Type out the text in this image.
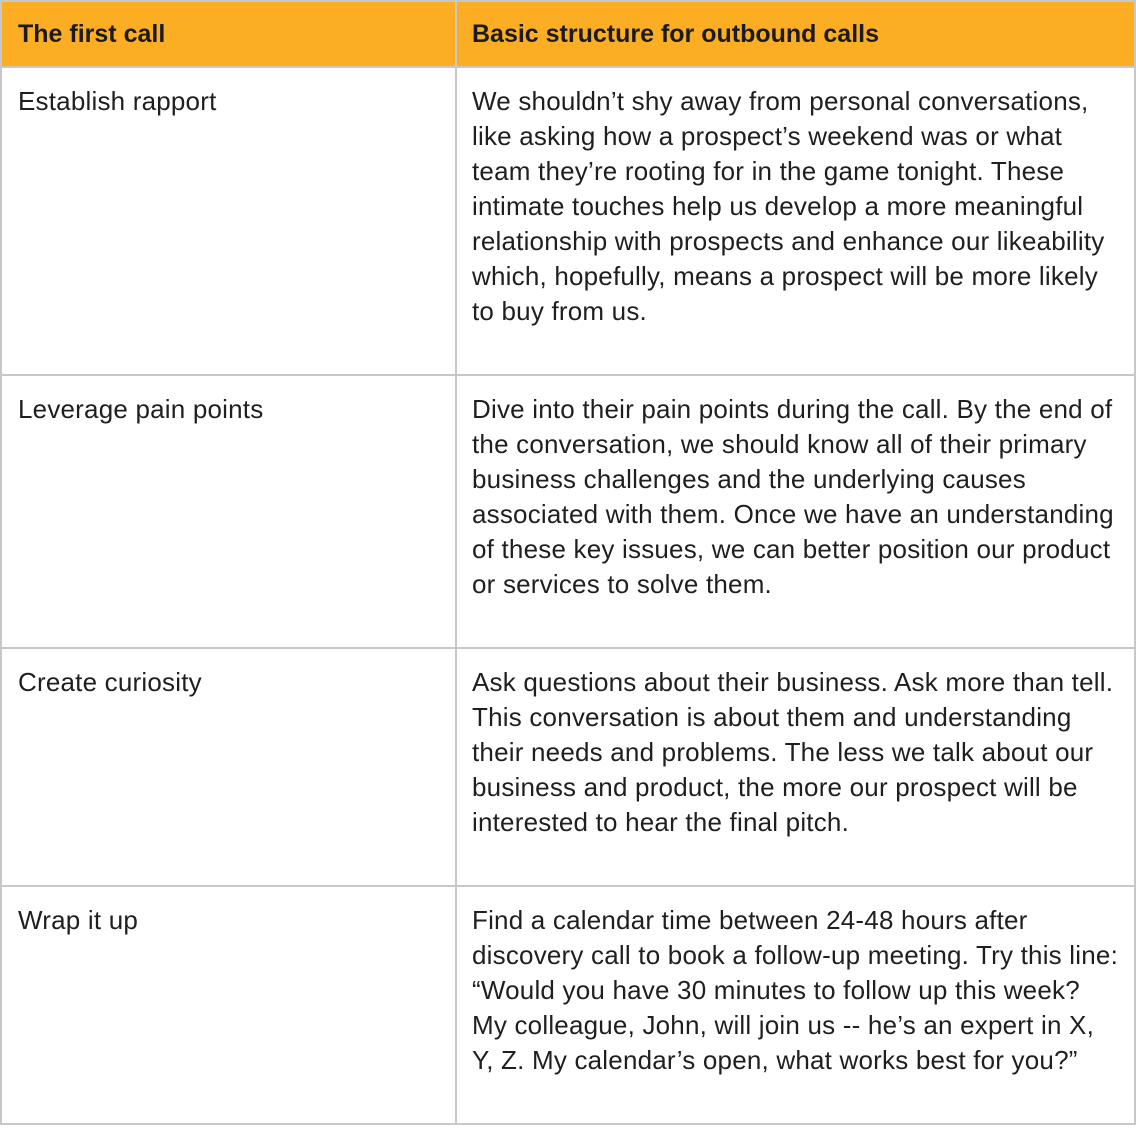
The first call	Basic structure for outbound calls

Establish rapport	We shouldn’t shy away from personal conversations, like asking how a prospect’s weekend was or what team they’re rooting for in the game tonight. These intimate touches help us develop a more meaningful relationship with prospects and enhance our likeability which, hopefully, means a prospect will be more likely to buy from us.

Leverage pain points	Dive into their pain points during the call. By the end of the conversation, we should know all of their primary business challenges and the underlying causes associated with them. Once we have an understanding of these key issues, we can better position our product or services to solve them.

Create curiosity	Ask questions about their business. Ask more than tell. This conversation is about them and understanding their needs and problems. The less we talk about our business and product, the more our prospect will be interested to hear the final pitch.

Wrap it up	Find a calendar time between 24-48 hours after discovery call to book a follow-up meeting. Try this line: “Would you have 30 minutes to follow up this week? My colleague, John, will join us -- he’s an expert in X, Y, Z. My calendar’s open, what works best for you?”
